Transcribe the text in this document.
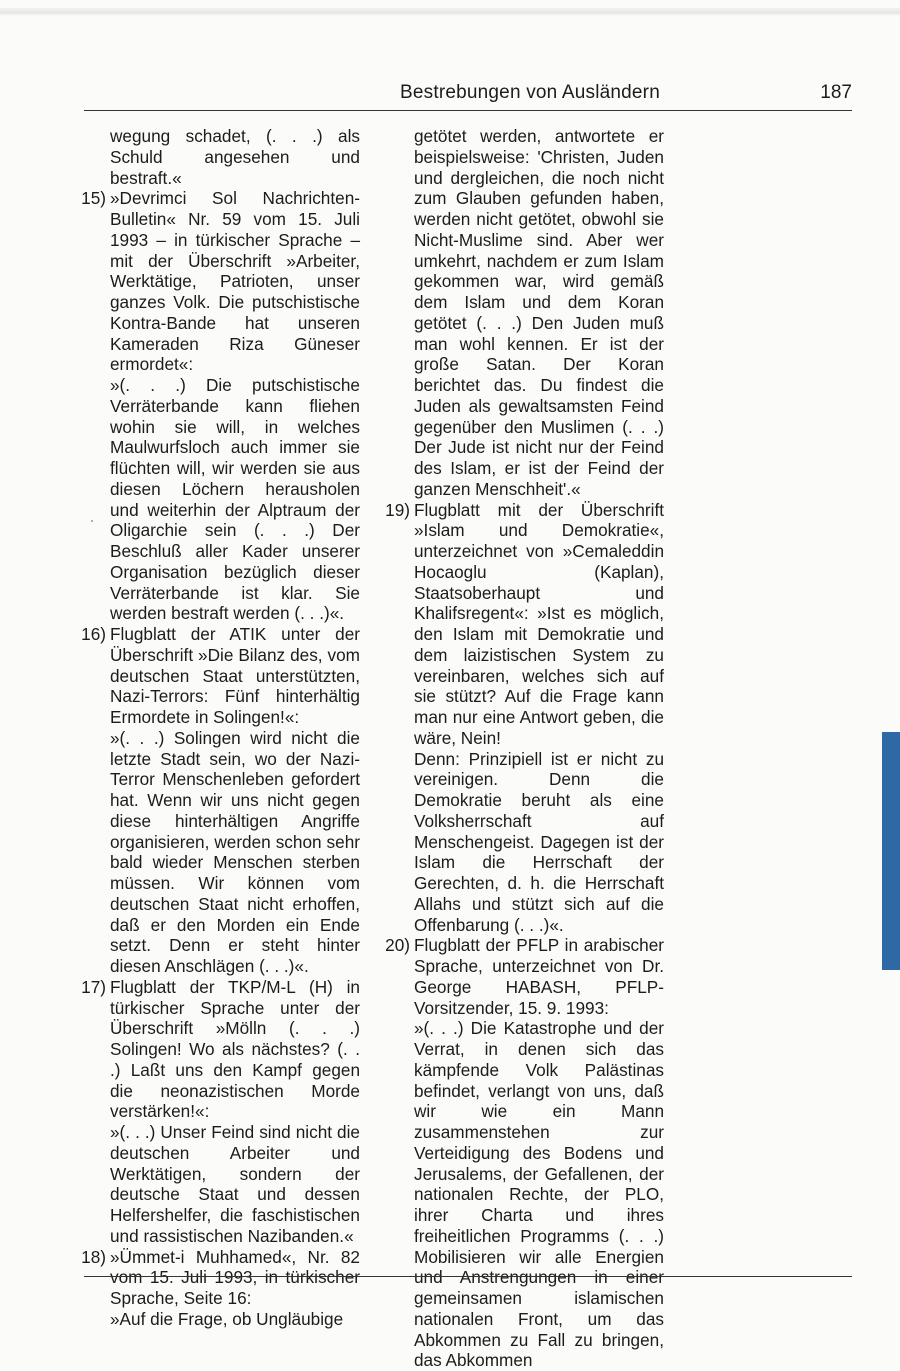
Bestrebungen von Ausländern	187

wegung schadet, (. . .) als Schuld angesehen und bestraft.«

15) »Devrimci Sol Nachrichten-Bulletin« Nr. 59 vom 15. Juli 1993 – in türkischer Sprache – mit der Überschrift »Arbeiter, Werktätige, Patrioten, unser ganzes Volk. Die putschistische Kontra-Bande hat unseren Kameraden Riza Güneser ermordet«:

»(. . .) Die putschistische Verräterbande kann fliehen wohin sie will, in welches Maulwurfsloch auch immer sie flüchten will, wir werden sie aus diesen Löchern herausholen und weiterhin der Alptraum der Oligarchie sein (. . .) Der Beschluß aller Kader unserer Organisation bezüglich dieser Verräterbande ist klar. Sie werden bestraft werden (. . .)«.

16) Flugblatt der ATIK unter der Überschrift »Die Bilanz des, vom deutschen Staat unterstützten, Nazi-Terrors: Fünf hinterhältig Ermordete in Solingen!«:

»(. . .) Solingen wird nicht die letzte Stadt sein, wo der Nazi-Terror Menschenleben gefordert hat. Wenn wir uns nicht gegen diese hinterhältigen Angriffe organisieren, werden schon sehr bald wieder Menschen sterben müssen. Wir können vom deutschen Staat nicht erhoffen, daß er den Morden ein Ende setzt. Denn er steht hinter diesen Anschlägen (. . .)«.

17) Flugblatt der TKP/M-L (H) in türkischer Sprache unter der Überschrift »Mölln (. . .) Solingen! Wo als nächstes? (. . .) Laßt uns den Kampf gegen die neonazistischen Morde verstärken!«:

»(. . .) Unser Feind sind nicht die deutschen Arbeiter und Werktätigen, sondern der deutsche Staat und dessen Helfershelfer, die faschistischen und rassistischen Nazibanden.«

18) »Ümmet-i Muhhamed«, Nr. 82 vom 15. Juli 1993, in türkischer Sprache, Seite 16:

»Auf die Frage, ob Ungläubige

getötet werden, antwortete er beispielsweise: 'Christen, Juden und dergleichen, die noch nicht zum Glauben gefunden haben, werden nicht getötet, obwohl sie Nicht-Muslime sind. Aber wer umkehrt, nachdem er zum Islam gekommen war, wird gemäß dem Islam und dem Koran getötet (. . .) Den Juden muß man wohl kennen. Er ist der große Satan. Der Koran berichtet das. Du findest die Juden als gewaltsamsten Feind gegenüber den Muslimen (. . .) Der Jude ist nicht nur der Feind des Islam, er ist der Feind der ganzen Menschheit'.«

19) Flugblatt mit der Überschrift »Islam und Demokratie«, unterzeichnet von »Cemaleddin Hocaoglu (Kaplan), Staatsoberhaupt und Khalifsregent«: »Ist es möglich, den Islam mit Demokratie und dem laizistischen System zu vereinbaren, welches sich auf sie stützt? Auf die Frage kann man nur eine Antwort geben, die wäre, Nein!

Denn: Prinzipiell ist er nicht zu vereinigen. Denn die Demokratie beruht als eine Volksherrschaft auf Menschengeist. Dagegen ist der Islam die Herrschaft der Gerechten, d. h. die Herrschaft Allahs und stützt sich auf die Offenbarung (. . .)«.

20) Flugblatt der PFLP in arabischer Sprache, unterzeichnet von Dr. George HABASH, PFLP-Vorsitzender, 15. 9. 1993:

»(. . .) Die Katastrophe und der Verrat, in denen sich das kämpfende Volk Palästinas befindet, verlangt von uns, daß wir wie ein Mann zusammenstehen zur Verteidigung des Bodens und Jerusalems, der Gefallenen, der nationalen Rechte, der PLO, ihrer Charta und ihres freiheitlichen Programms (. . .) Mobilisieren wir alle Energien und Anstrengungen in einer gemeinsamen islamischen nationalen Front, um das Abkommen zu Fall zu bringen, das Abkommen
